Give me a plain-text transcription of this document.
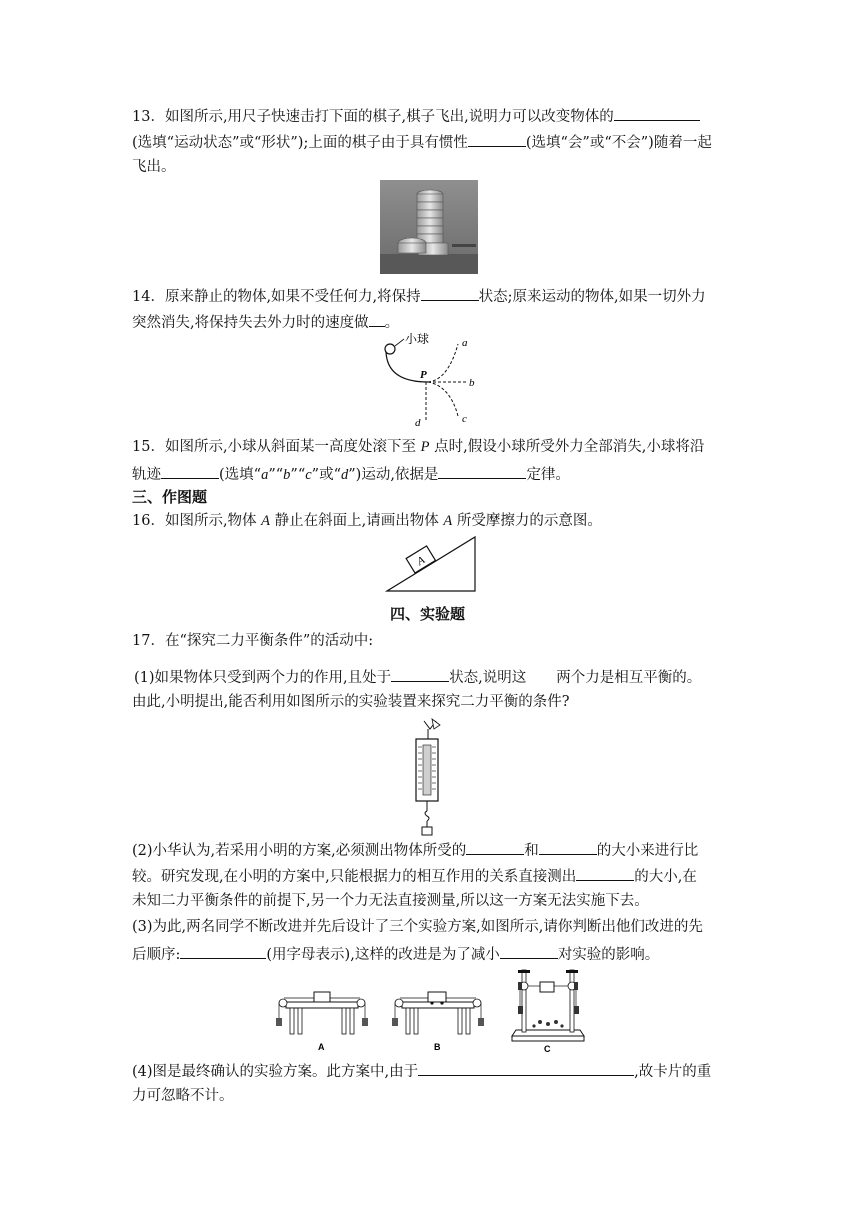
13．如图所示,用尺子快速击打下面的棋子,棋子飞出,说明力可以改变物体的
(选填“运动状态”或“形状”);上面的棋子由于具有惯性	(选填“会”或“不会”)随着一起
飞出。
14．原来静止的物体,如果不受任何力,将保持	状态;原来运动的物体,如果一切外力
突然消失,将保持失去外力时的速度做 。
小球
P
a
b
c
d
15．如图所示,小球从斜面某一高度处滚下至 P 点时,假设小球所受外力全部消失,小球将沿
轨迹	(选填“a”“b”“c”或“d”)运动,依据是	定律。
三、作图题
16．如图所示,物体 A 静止在斜面上,请画出物体 A 所受摩擦力的示意图。
A
四、实验题
17．在“探究二力平衡条件”的活动中:
(1)如果物体只受到两个力的作用,且处于	状态,说明这 两个力是相互平衡的。
由此,小明提出,能否利用如图所示的实验装置来探究二力平衡的条件?
(2)小华认为,若采用小明的方案,必须测出物体所受的	和	的大小来进行比
较。研究发现,在小明的方案中,只能根据力的相互作用的关系直接测出	的大小,在
未知二力平衡条件的前提下,另一个力无法直接测量,所以这一方案无法实施下去。
(3)为此,两名同学不断改进并先后设计了三个实验方案,如图所示,请你判断出他们改进的先
后顺序:	(用字母表示),这样的改进是为了减小	对实验的影响。
A	B	C
(4)图是最终确认的实验方案。此方案中,由于	,故卡片的重
力可忽略不计。
